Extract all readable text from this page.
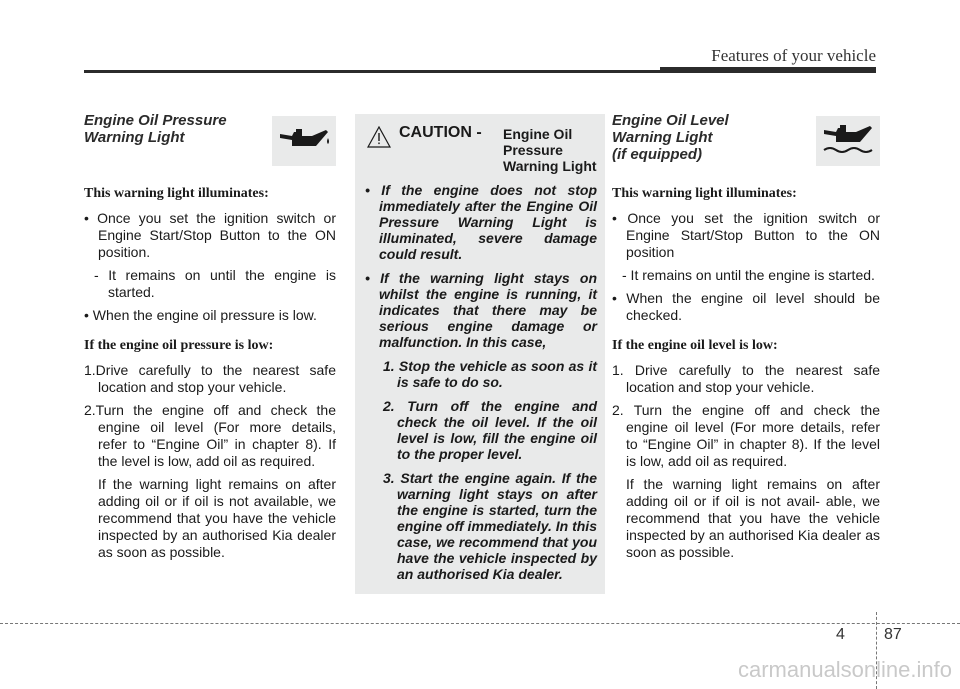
Features of your vehicle
Engine Oil Pressure
Warning Light

This warning light illuminates:

• Once you set the ignition switch or Engine Start/Stop Button to the ON position.

- It remains on until the engine is started.

• When the engine oil pressure is low.

If the engine oil pressure is low:

1.Drive carefully to the nearest safe location and stop your vehicle.

2.Turn the engine off and check the engine oil level (For more details, refer to “Engine Oil” in chapter 8). If the level is low, add oil as required.

If the warning light remains on after adding oil or if oil is not available, we recommend that you have the vehicle inspected by an authorised Kia dealer as soon as possible.

CAUTION - Engine Oil
Pressure
Warning Light

• If the engine does not stop immediately after the Engine Oil Pressure Warning Light is illuminated, severe damage could result.

• If the warning light stays on whilst the engine is running, it indicates that there may be serious engine damage or malfunction. In this case,

1. Stop the vehicle as soon as it is safe to do so.

2. Turn off the engine and check the oil level. If the oil level is low, fill the engine oil to the proper level.

3. Start the engine again. If the warning light stays on after the engine is started, turn the engine off immediately. In this case, we recommend that you have the vehicle inspected by an authorised Kia dealer.

Engine Oil Level
Warning Light
(if equipped)

This warning light illuminates:

• Once you set the ignition switch or Engine Start/Stop Button to the ON position

- It remains on until the engine is started.

• When the engine oil level should be checked.

If the engine oil level is low:

1. Drive carefully to the nearest safe location and stop your vehicle.

2. Turn the engine off and check the engine oil level (For more details, refer to “Engine Oil” in chapter 8). If the level is low, add oil as required.

If the warning light remains on after adding oil or if oil is not avail- able, we recommend that you have the vehicle inspected by an authorised Kia dealer as soon as possible.

4 87
carmanualsonline.info
